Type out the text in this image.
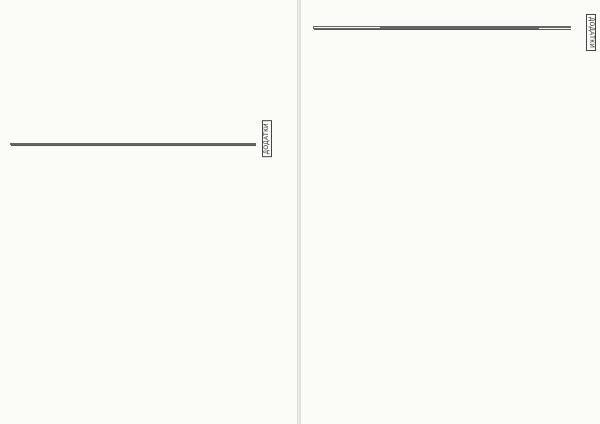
ДОДАТКИ

ДОДАТКИ
